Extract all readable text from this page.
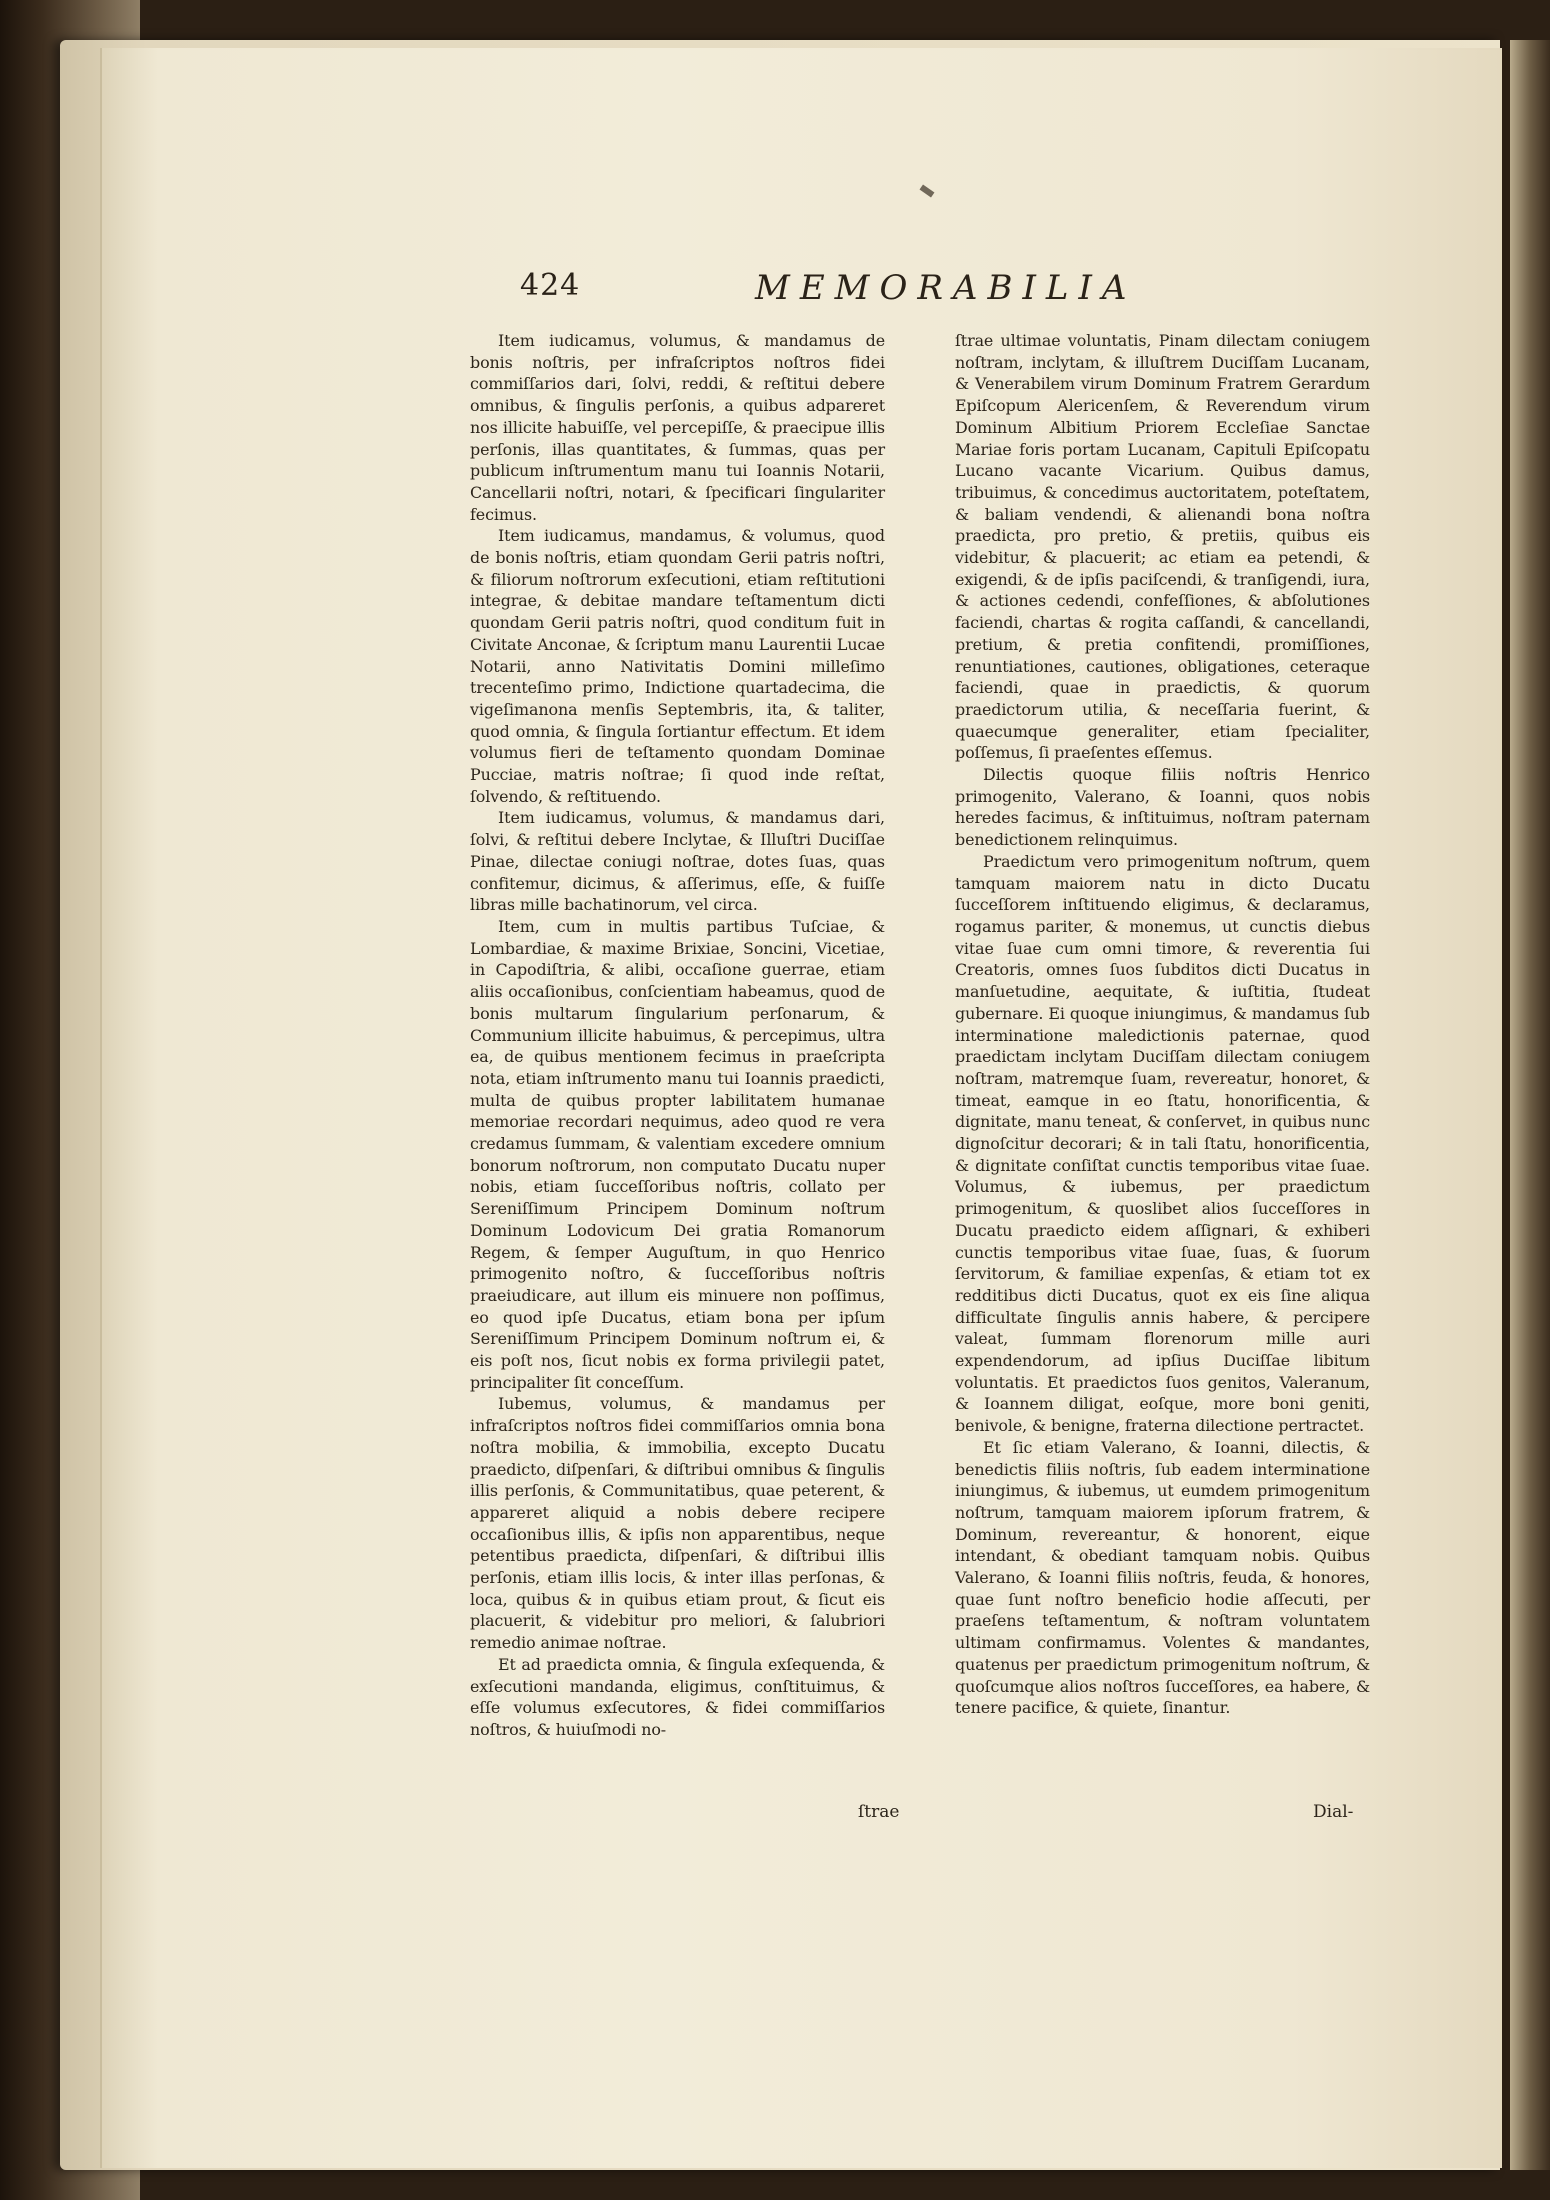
424	MEMORABILIA

Item iudicamus, volumus, & mandamus de bonis noſtris, per infraſcriptos noſtros fidei commiſſarios dari, ſolvi, reddi, & reſtitui debere omnibus, & ſingulis perſonis, a quibus adpareret nos illicite habuiſſe, vel percepiſſe, & praecipue illis perſonis, illas quantitates, & ſummas, quas per publicum inſtrumentum manu tui Ioannis Notarii, Cancellarii noſtri, notari, & ſpecificari ſingulariter fecimus.

Item iudicamus, mandamus, & volumus, quod de bonis noſtris, etiam quondam Gerii patris noſtri, & filiorum noſtrorum exſecutioni, etiam reſtitutioni integrae, & debitae mandare teſtamentum dicti quondam Gerii patris noſtri, quod conditum fuit in Civitate Anconae, & ſcriptum manu Laurentii Lucae Notarii, anno Nativitatis Domini milleſimo trecenteſimo primo, Indictione quartadecima, die vigeſimanona menſis Septembris, ita, & taliter, quod omnia, & ſingula ſortiantur effectum. Et idem volumus fieri de teſtamento quondam Dominae Pucciae, matris noſtrae; ſi quod inde reſtat, ſolvendo, & reſtituendo.

Item iudicamus, volumus, & mandamus dari, ſolvi, & reſtitui debere Inclytae, & Illuſtri Duciſſae Pinae, dilectae coniugi noſtrae, dotes ſuas, quas confitemur, dicimus, & aſſerimus, eſſe, & fuiſſe libras mille bachatinorum, vel circa.

Item, cum in multis partibus Tuſciae, & Lombardiae, & maxime Brixiae, Soncini, Vicetiae, in Capodiſtria, & alibi, occaſione guerrae, etiam aliis occaſionibus, conſcientiam habeamus, quod de bonis multarum ſingularium perſonarum, & Communium illicite habuimus, & percepimus, ultra ea, de quibus mentionem fecimus in praeſcripta nota, etiam inſtrumento manu tui Ioannis praedicti, multa de quibus propter labilitatem humanae memoriae recordari nequimus, adeo quod re vera credamus ſummam, & valentiam excedere omnium bonorum noſtrorum, non computato Ducatu nuper nobis, etiam ſucceſſoribus noſtris, collato per Sereniſſimum Principem Dominum noſtrum Dominum Lodovicum Dei gratia Romanorum Regem, & ſemper Auguſtum, in quo Henrico primogenito noſtro, & ſucceſſoribus noſtris praeiudicare, aut illum eis minuere non poſſimus, eo quod ipſe Ducatus, etiam bona per ipſum Sereniſſimum Principem Dominum noſtrum ei, & eis poſt nos, ſicut nobis ex forma privilegii patet, principaliter ſit conceſſum.

Iubemus, volumus, & mandamus per infraſcriptos noſtros fidei commiſſarios omnia bona noſtra mobilia, & immobilia, excepto Ducatu praedicto, diſpenſari, & diſtribui omnibus & ſingulis illis perſonis, & Communitatibus, quae peterent, & appareret aliquid a nobis debere recipere occaſionibus illis, & ipſis non apparentibus, neque petentibus praedicta, diſpenſari, & diſtribui illis perſonis, etiam illis locis, & inter illas perſonas, & loca, quibus & in quibus etiam prout, & ſicut eis placuerit, & videbitur pro meliori, & ſalubriori remedio animae noſtrae.

Et ad praedicta omnia, & ſingula exſequenda, & exſecutioni mandanda, eligimus, conſtituimus, & eſſe volumus exſecutores, & fidei commiſſarios noſtros, & huiuſmodi no-

ſtrae ultimae voluntatis, Pinam dilectam coniugem noſtram, inclytam, & illuſtrem Duciſſam Lucanam, & Venerabilem virum Dominum Fratrem Gerardum Epiſcopum Alericenſem, & Reverendum virum Dominum Albitium Priorem Eccleſiae Sanctae Mariae foris portam Lucanam, Capituli Epiſcopatu Lucano vacante Vicarium. Quibus damus, tribuimus, & concedimus auctoritatem, poteſtatem, & baliam vendendi, & alienandi bona noſtra praedicta, pro pretio, & pretiis, quibus eis videbitur, & placuerit; ac etiam ea petendi, & exigendi, & de ipſis paciſcendi, & tranſigendi, iura, & actiones cedendi, confeſſiones, & abſolutiones faciendi, chartas & rogita caſſandi, & cancellandi, pretium, & pretia confitendi, promiſſiones, renuntiationes, cautiones, obligationes, ceteraque faciendi, quae in praedictis, & quorum praedictorum utilia, & neceſſaria fuerint, & quaecumque generaliter, etiam ſpecialiter, poſſemus, ſi praeſentes eſſemus.

Dilectis quoque filiis noſtris Henrico primogenito, Valerano, & Ioanni, quos nobis heredes facimus, & inſtituimus, noſtram paternam benedictionem relinquimus.

Praedictum vero primogenitum noſtrum, quem tamquam maiorem natu in dicto Ducatu ſucceſſorem inſtituendo eligimus, & declaramus, rogamus pariter, & monemus, ut cunctis diebus vitae ſuae cum omni timore, & reverentia ſui Creatoris, omnes ſuos ſubditos dicti Ducatus in manſuetudine, aequitate, & iuſtitia, ſtudeat gubernare. Ei quoque iniungimus, & mandamus ſub interminatione maledictionis paternae, quod praedictam inclytam Duciſſam dilectam coniugem noſtram, matremque ſuam, revereatur, honoret, & timeat, eamque in eo ſtatu, honorificentia, & dignitate, manu teneat, & conſervet, in quibus nunc dignoſcitur decorari; & in tali ſtatu, honorificentia, & dignitate conſiſtat cunctis temporibus vitae ſuae. Volumus, & iubemus, per praedictum primogenitum, & quoslibet alios ſucceſſores in Ducatu praedicto eidem aſſignari, & exhiberi cunctis temporibus vitae ſuae, ſuas, & ſuorum ſervitorum, & familiae expenſas, & etiam tot ex redditibus dicti Ducatus, quot ex eis ſine aliqua difficultate ſingulis annis habere, & percipere valeat, ſummam florenorum mille auri expendendorum, ad ipſius Duciſſae libitum voluntatis. Et praedictos ſuos genitos, Valeranum, & Ioannem diligat, eoſque, more boni geniti, benivole, & benigne, fraterna dilectione pertractet.

Et ſic etiam Valerano, & Ioanni, dilectis, & benedictis filiis noſtris, ſub eadem interminatione iniungimus, & iubemus, ut eumdem primogenitum noſtrum, tamquam maiorem ipſorum fratrem, & Dominum, revereantur, & honorent, eique intendant, & obediant tamquam nobis. Quibus Valerano, & Ioanni filiis noſtris, feuda, & honores, quae ſunt noſtro beneficio hodie aſſecuti, per praeſens teſtamentum, & noſtram voluntatem ultimam confirmamus. Volentes & mandantes, quatenus per praedictum primogenitum noſtrum, & quoſcumque alios noſtros ſucceſſores, ea habere, & tenere pacifice, & quiete, ſinantur.

ſtrae	Dial-
